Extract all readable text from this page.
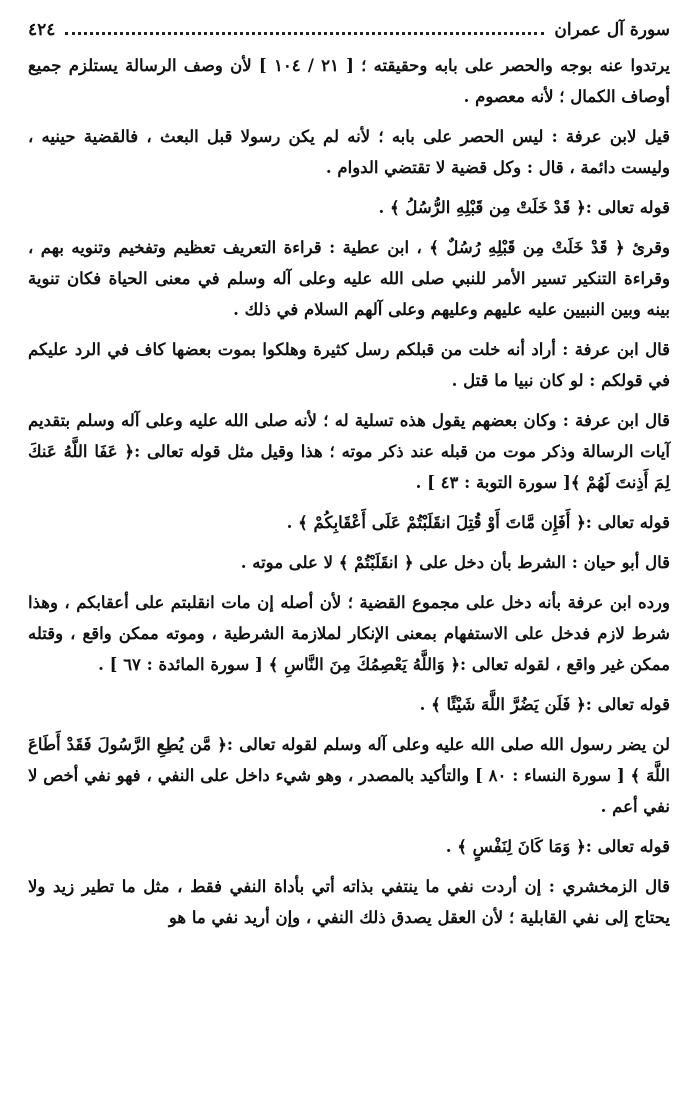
سورة آل عمران
٤٢٤

يرتدوا عنه بوجه والحصر على بابه وحقيقته ؛ [ ٢١ / ١٠٤ ] لأن وصف الرسالة يستلزم جميع أوصاف الكمال ؛ لأنه معصوم .

قيل لابن عرفة : ليس الحصر على بابه ؛ لأنه لم يكن رسولا قبل البعث ، فالقضية حينيه ، وليست دائمة ، قال : وكل قضية لا تقتضي الدوام .

قوله تعالى :﴿ قَدْ خَلَتْ مِن قَبْلِهِ الرُّسُلُ ﴾ .

وقرئ ﴿ قَدْ خَلَتْ مِن قَبْلِهِ رُسُلٌ ﴾ ، ابن عطية : قراءة التعريف تعظيم وتفخيم وتنويه بهم ، وقراءة التنكير تسير الأمر للنبي صلى الله عليه وعلى آله وسلم في معنى الحياة فكان تنوية بينه وبين النبيين عليه عليهم وعليهم وعلى آلهم السلام في ذلك .

قال ابن عرفة : أراد أنه خلت من قبلكم رسل كثيرة وهلكوا بموت بعضها كاف في الرد عليكم في قولكم : لو كان نبيا ما قتل .

قال ابن عرفة : وكان بعضهم يقول هذه تسلية له ؛ لأنه صلى الله عليه وعلى آله وسلم بتقديم آيات الرسالة وذكر موت من قبله عند ذكر موته ؛ هذا وقيل مثل قوله تعالى :﴿ عَفَا اللَّهُ عَنكَ لِمَ أَذِنتَ لَهُمْ ﴾[ سورة التوبة : ٤٣ ] .

قوله تعالى :﴿ أَفَإِن مَّاتَ أَوْ قُتِلَ انقَلَبْتُمْ عَلَى أَعْقَابِكُمْ ﴾ .

قال أبو حيان : الشرط بأن دخل على ﴿ انقَلَبْتُمْ ﴾ لا على موته .

ورده ابن عرفة بأنه دخل على مجموع القضية ؛ لأن أصله إن مات انقلبتم على أعقابكم ، وهذا شرط لازم فدخل على الاستفهام بمعنى الإنكار لملازمة الشرطية ، وموته ممكن واقع ، وقتله ممكن غير واقع ، لقوله تعالى :﴿ وَاللَّهُ يَعْصِمُكَ مِنَ النَّاسِ ﴾ [ سورة المائدة : ٦٧ ] .

قوله تعالى :﴿ فَلَن يَضُرَّ اللَّهَ شَيْئًا ﴾ .

لن يضر رسول الله صلى الله عليه وعلى آله وسلم لقوله تعالى :﴿ مَّن يُطِعِ الرَّسُولَ فَقَدْ أَطَاعَ اللَّهَ ﴾ [ سورة النساء : ٨٠ ] والتأكيد بالمصدر ، وهو شيء داخل على النفي ، فهو نفي أخص لا نفي أعم .

قوله تعالى :﴿ وَمَا كَانَ لِنَفْسٍ ﴾ .

قال الزمخشري : إن أردت نفي ما ينتفي بذاته أتي بأداة النفي فقط ، مثل ما تطير زيد ولا يحتاج إلى نفي القابلية ؛ لأن العقل يصدق ذلك النفي ، وإن أريد نفي ما هو
